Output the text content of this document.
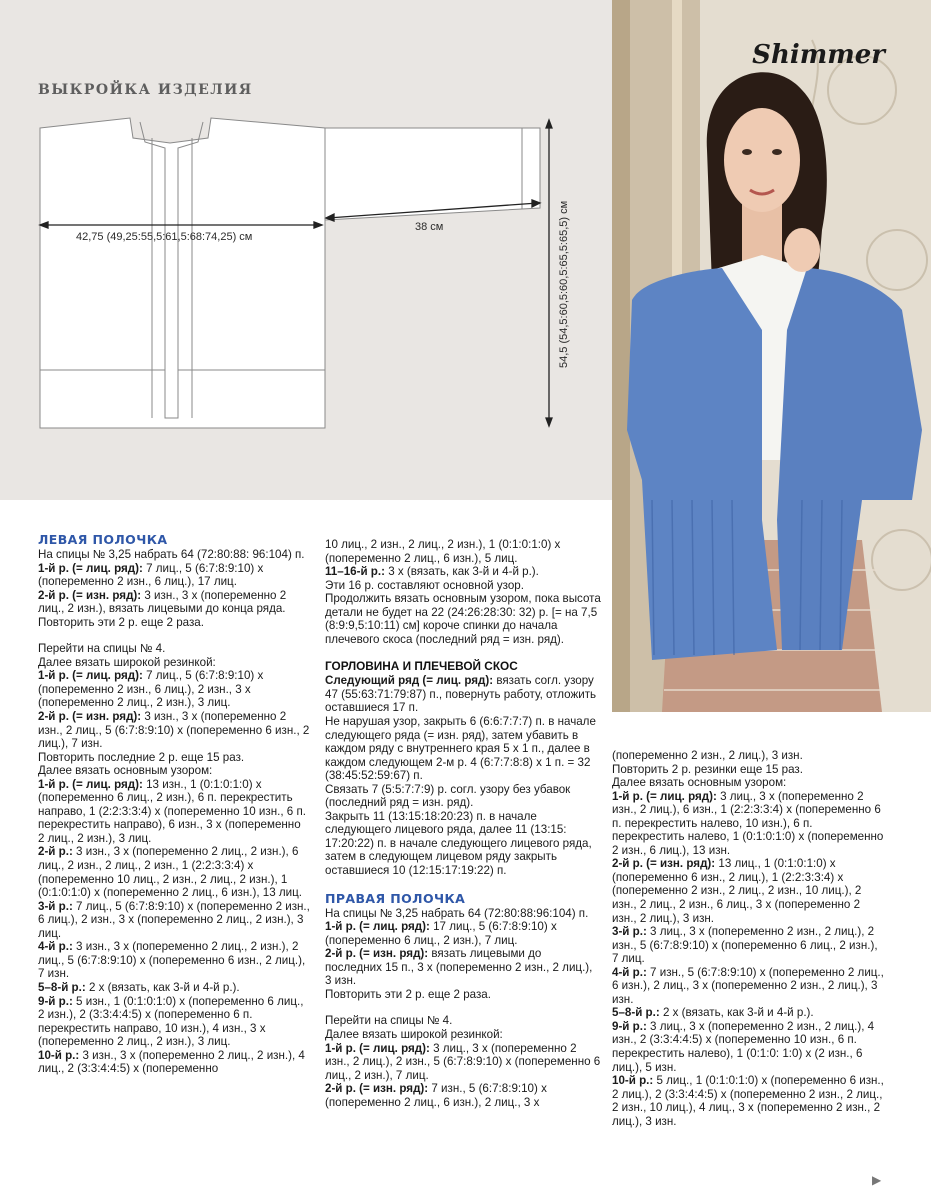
ВЫКРОЙКА ИЗДЕЛИЯ
42,75 (49,25:55,5:61,5:68:74,25) см
38 см	54,5 (54,5:60,5:60,5:65,5:65,5) см
Shimmer
ЛЕВАЯ ПОЛОЧКА

На спицы № 3,25 набрать 64 (72:80:88: 96:104) п.

1-й р. (= лиц. ряд): 7 лиц., 5 (6:7:8:9:10) х (попеременно 2 изн., 6 лиц.), 17 лиц.

2-й р. (= изн. ряд): 3 изн., 3 х (попеременно 2 лиц., 2 изн.), вязать лицевыми до конца ряда.

Повторить эти 2 р. еще 2 раза.

Перейти на спицы № 4.

Далее вязать широкой резинкой:

1-й р. (= лиц. ряд): 7 лиц., 5 (6:7:8:9:10) х (попеременно 2 изн., 6 лиц.), 2 изн., 3 х (попеременно 2 лиц., 2 изн.), 3 лиц.

2-й р. (= изн. ряд): 3 изн., 3 х (попеременно 2 изн., 2 лиц., 5 (6:7:8:9:10) х (попеременно 6 изн., 2 лиц.), 7 изн.

Повторить последние 2 р. еще 15 раз.

Далее вязать основным узором:

1-й р. (= лиц. ряд): 13 изн., 1 (0:1:0:1:0) х (попеременно 6 лиц., 2 изн.), 6 п. перекрестить направо, 1 (2:2:3:3:4) х (попеременно 10 изн., 6 п. перекрестить направо), 6 изн., 3 х (попеременно 2 лиц., 2 изн.), 3 лиц.

2-й р.: 3 изн., 3 х (попеременно 2 лиц., 2 изн.), 6 лиц., 2 изн., 2 лиц., 2 изн., 1 (2:2:3:3:4) х (попеременно 10 лиц., 2 изн., 2 лиц., 2 изн.), 1 (0:1:0:1:0) х (попеременно 2 лиц., 6 изн.), 13 лиц.

3-й р.: 7 лиц., 5 (6:7:8:9:10) х (попеременно 2 изн., 6 лиц.), 2 изн., 3 х (попеременно 2 лиц., 2 изн.), 3 лиц.

4-й р.: 3 изн., 3 х (попеременно 2 лиц., 2 изн.), 2 лиц., 5 (6:7:8:9:10) х (попеременно 6 изн., 2 лиц.), 7 изн.

5–8-й р.: 2 х (вязать, как 3-й и 4-й р.).

9-й р.: 5 изн., 1 (0:1:0:1:0) х (попеременно 6 лиц., 2 изн.), 2 (3:3:4:4:5) х (попеременно 6 п. перекрестить направо, 10 изн.), 4 изн., 3 х (попеременно 2 лиц., 2 изн.), 3 лиц.

10-й р.: 3 изн., 3 х (попеременно 2 лиц., 2 изн.), 4 лиц., 2 (3:3:4:4:5) х (попеременно

10 лиц., 2 изн., 2 лиц., 2 изн.), 1 (0:1:0:1:0) х (попеременно 2 лиц., 6 изн.), 5 лиц.

11–16-й р.: 3 х (вязать, как 3-й и 4-й р.).

Эти 16 р. составляют основной узор.

Продолжить вязать основным узором, пока высота детали не будет на 22 (24:26:28:30: 32) р. [= на 7,5 (8:9:9,5:10:11) см] короче спинки до начала плечевого скоса (последний ряд = изн. ряд).

ГОРЛОВИНА И ПЛЕЧЕВОЙ СКОС

Следующий ряд (= лиц. ряд): вязать согл. узору 47 (55:63:71:79:87) п., повернуть работу, отложить оставшиеся 17 п.

Не нарушая узор, закрыть 6 (6:6:7:7:7) п. в начале следующего ряда (= изн. ряд), затем убавить в каждом ряду с внутреннего края 5 х 1 п., далее в каждом следующем 2-м р. 4 (6:7:7:8:8) х 1 п. = 32 (38:45:52:59:67) п.

Связать 7 (5:5:7:7:9) р. согл. узору без убавок (последний ряд = изн. ряд).

Закрыть 11 (13:15:18:20:23) п. в начале следующего лицевого ряда, далее 11 (13:15: 17:20:22) п. в начале следующего лицевого ряда, затем в следующем лицевом ряду закрыть оставшиеся 10 (12:15:17:19:22) п.

ПРАВАЯ ПОЛОЧКА

На спицы № 3,25 набрать 64 (72:80:88:96:104) п.

1-й р. (= лиц. ряд): 17 лиц., 5 (6:7:8:9:10) х (попеременно 6 лиц., 2 изн.), 7 лиц.

2-й р. (= изн. ряд): вязать лицевыми до последних 15 п., 3 х (попеременно 2 изн., 2 лиц.), 3 изн.

Повторить эти 2 р. еще 2 раза.

Перейти на спицы № 4.

Далее вязать широкой резинкой:

1-й р. (= лиц. ряд): 3 лиц., 3 х (попеременно 2 изн., 2 лиц.), 2 изн., 5 (6:7:8:9:10) х (попеременно 6 лиц., 2 изн.), 7 лиц.

2-й р. (= изн. ряд): 7 изн., 5 (6:7:8:9:10) х (попеременно 2 лиц., 6 изн.), 2 лиц., 3 х

(попеременно 2 изн., 2 лиц.), 3 изн.

Повторить 2 р. резинки еще 15 раз.

Далее вязать основным узором:

1-й р. (= лиц. ряд): 3 лиц., 3 х (попеременно 2 изн., 2 лиц.), 6 изн., 1 (2:2:3:3:4) х (попеременно 6 п. перекрестить налево, 10 изн.), 6 п. перекрестить налево, 1 (0:1:0:1:0) х (попеременно 2 изн., 6 лиц.), 13 изн.

2-й р. (= изн. ряд): 13 лиц., 1 (0:1:0:1:0) х (попеременно 6 изн., 2 лиц.), 1 (2:2:3:3:4) х (попеременно 2 изн., 2 лиц., 2 изн., 10 лиц.), 2 изн., 2 лиц., 2 изн., 6 лиц., 3 х (попеременно 2 изн., 2 лиц.), 3 изн.

3-й р.: 3 лиц., 3 х (попеременно 2 изн., 2 лиц.), 2 изн., 5 (6:7:8:9:10) х (попеременно 6 лиц., 2 изн.), 7 лиц.

4-й р.: 7 изн., 5 (6:7:8:9:10) х (попеременно 2 лиц., 6 изн.), 2 лиц., 3 х (попеременно 2 изн., 2 лиц.), 3 изн.

5–8-й р.: 2 х (вязать, как 3-й и 4-й р.).

9-й р.: 3 лиц., 3 х (попеременно 2 изн., 2 лиц.), 4 изн., 2 (3:3:4:4:5) х (попеременно 10 изн., 6 п. перекрестить налево), 1 (0:1:0: 1:0) х (2 изн., 6 лиц.), 5 изн.

10-й р.: 5 лиц., 1 (0:1:0:1:0) х (попеременно 6 изн., 2 лиц.), 2 (3:3:4:4:5) х (попеременно 2 изн., 2 лиц., 2 изн., 10 лиц.), 4 лиц., 3 х (попеременно 2 изн., 2 лиц.), 3 изн.

▶
